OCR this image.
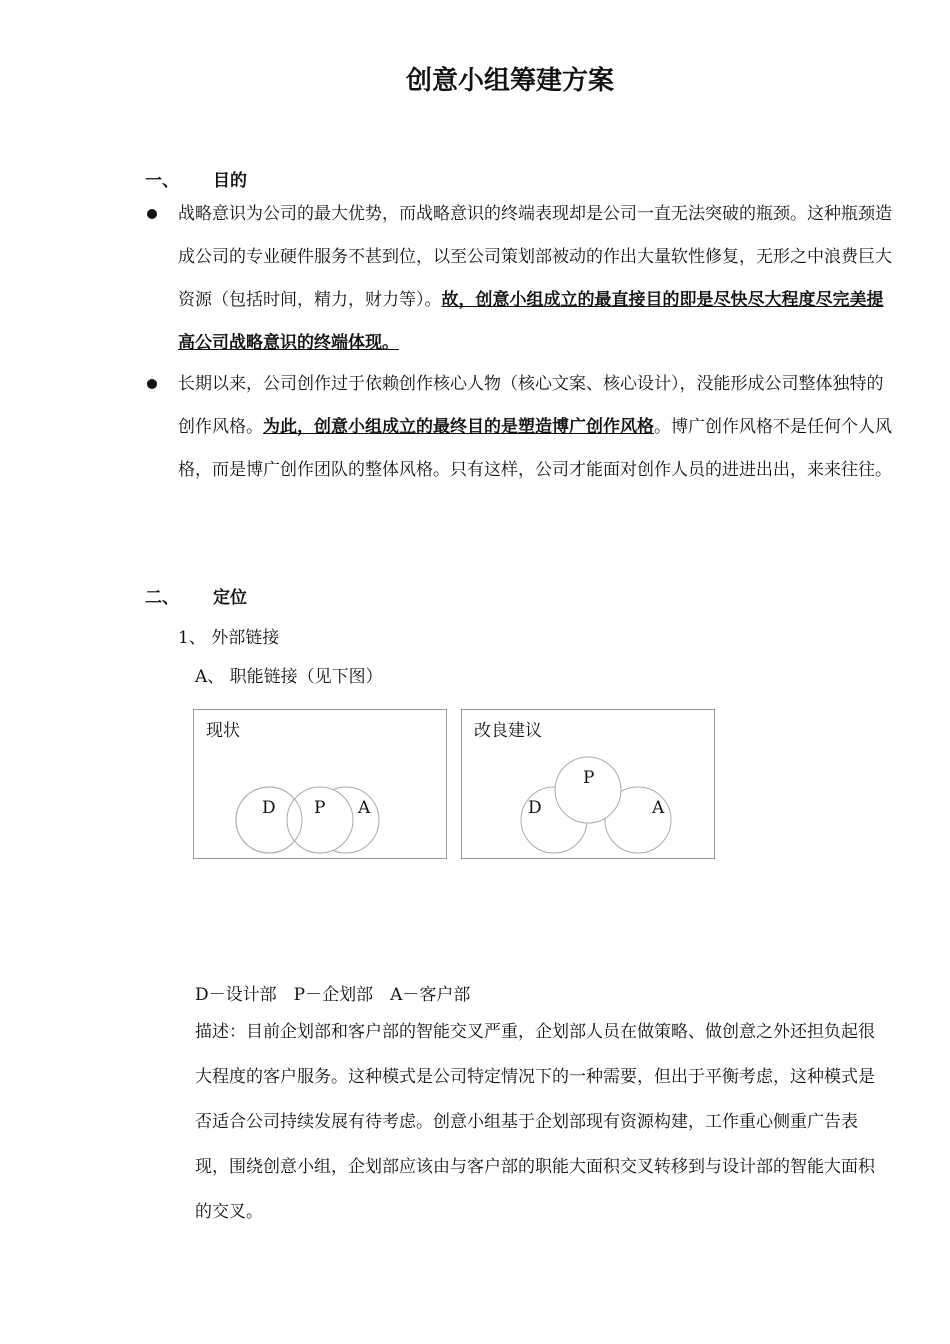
创意小组筹建方案
一、 目的
战略意识为公司的最大优势，而战略意识的终端表现却是公司一直无法突破的瓶颈。这种瓶颈造成公司的专业硬件服务不甚到位，以至公司策划部被动的作出大量软性修复，无形之中浪费巨大资源（包括时间，精力，财力等）。故，创意小组成立的最直接目的即是尽快尽大程度尽完美提高公司战略意识的终端体现。
长期以来，公司创作过于依赖创作核心人物（核心文案、核心设计），没能形成公司整体独特的创作风格。为此，创意小组成立的最终目的是塑造博广创作风格。博广创作风格不是任何个人风格，而是博广创作团队的整体风格。只有这样，公司才能面对创作人员的进进出出，来来往往。
二、 定位
1、 外部链接
A、 职能链接（见下图）
现状
D P A
改良建议
D
P
A
D－设计部　P－企划部　A－客户部
描述：目前企划部和客户部的智能交叉严重，企划部人员在做策略、做创意之外还担负起很大程度的客户服务。这种模式是公司特定情况下的一种需要，但出于平衡考虑，这种模式是否适合公司持续发展有待考虑。创意小组基于企划部现有资源构建，工作重心侧重广告表现，围绕创意小组，企划部应该由与客户部的职能大面积交叉转移到与设计部的智能大面积的交叉。
